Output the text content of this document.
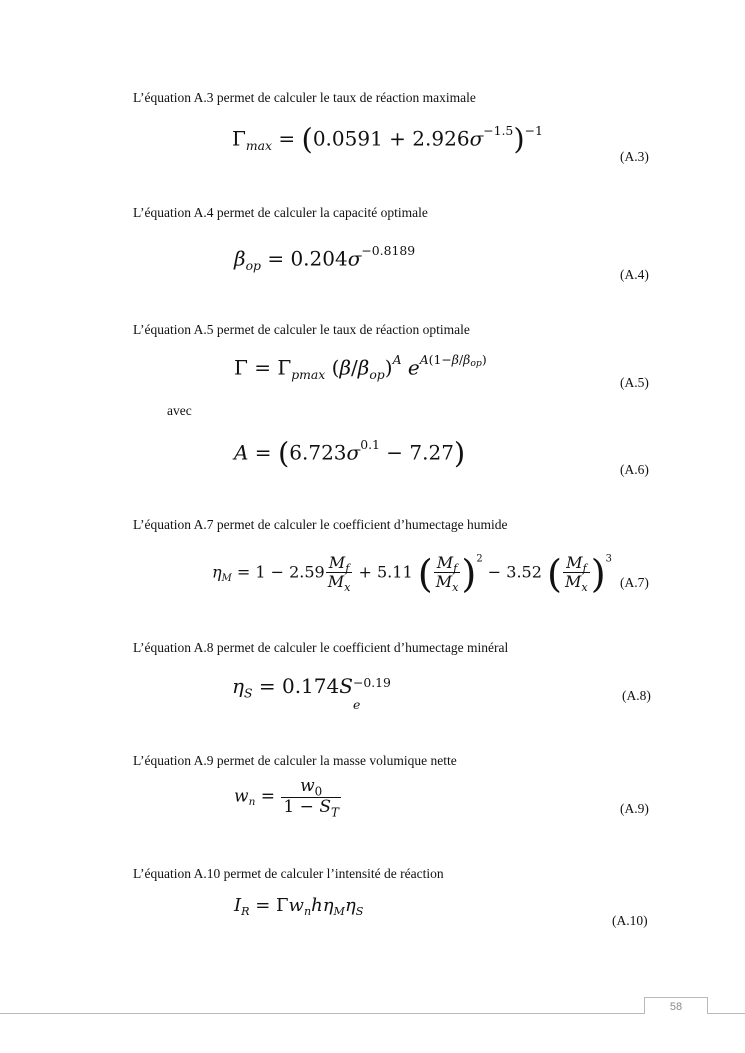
L’équation A.3 permet de calculer le taux de réaction maximale
$\Gamma_{max} = (0.0591 + 2.926\sigma^{-1.5})^{-1}$
(A.3)
L’équation A.4 permet de calculer la capacité optimale
$\beta_{op} = 0.204\sigma^{-0.8189}$
(A.4)
L’équation A.5 permet de calculer le taux de réaction optimale
$\Gamma = \Gamma_{pmax}$ $(\beta/\beta_{op})^A$ $e^{A(1-\beta/\beta op)}$
(A.5)
avec
$A = (6.723\sigma^{0.1} - 7.27)$	(A.6)
L’équation A.7 permet de calculer le coefficient d’humectage humide
$\eta_M = 1 - 2.59 \frac{M_f}{M_x} + 5.11$ ( $\frac{M_f}{M_x} )^2 - 3.52$ ( $\frac{M_f}{M_x} )^3$
(A.7)
L’équation A.8 permet de calculer le coefficient d’humectage minéral
$\eta_S = 0.174S -0.19$
e
(A.8)
L’équation A.9 permet de calculer la masse volumique nette
$w_n = \frac{w_0}{1 - S_T}$	(A.9)
L’équation A.10 permet de calculer l’intensité de réaction
$I_R = \Gamma w_nh\eta_M\eta_S$
(A.10)
58
